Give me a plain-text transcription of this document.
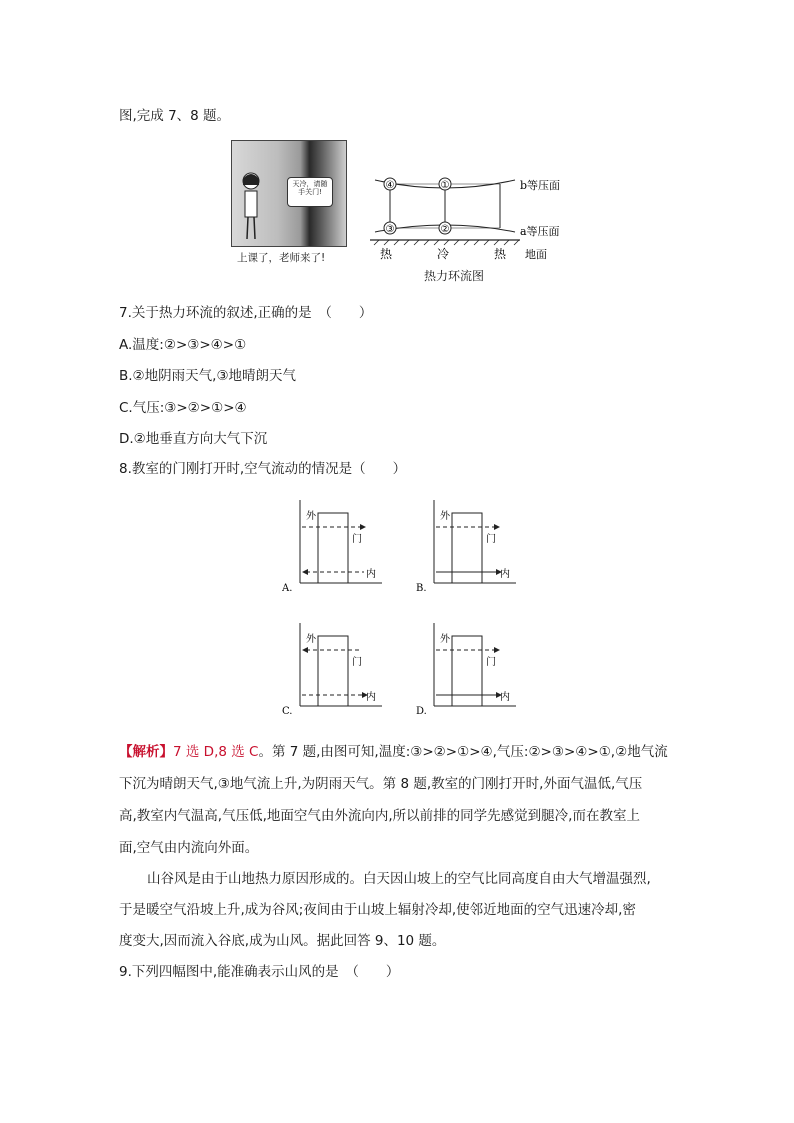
图,完成 7、8 题。
天冷，请随手关门!
上课了，老师来了!
④	①
③	②
b等压面
a等压面
热	冷	热 地面
热力环流图
7.关于热力环流的叙述,正确的是　（　　）
A.温度:②>③>④>①
B.②地阴雨天气,③地晴朗天气
C.气压:③>②>①>④
D.②地垂直方向大气下沉
8.教室的门刚打开时,空气流动的情况是（　　）
外
门
内
A.
外
门
内
B.
外
门
内
C.
外
门
内
D.
【解析】7 选 D,8 选 C。第 7 题,由图可知,温度:③>②>①>④,气压:②>③>④>①,②地气流
下沉为晴朗天气,③地气流上升,为阴雨天气。第 8 题,教室的门刚打开时,外面气温低,气压
高,教室内气温高,气压低,地面空气由外流向内,所以前排的同学先感觉到腿冷,而在教室上
面,空气由内流向外面。
山谷风是由于山地热力原因形成的。白天因山坡上的空气比同高度自由大气增温强烈,
于是暖空气沿坡上升,成为谷风;夜间由于山坡上辐射冷却,使邻近地面的空气迅速冷却,密
度变大,因而流入谷底,成为山风。据此回答 9、10 题。
9.下列四幅图中,能准确表示山风的是　（　　）
